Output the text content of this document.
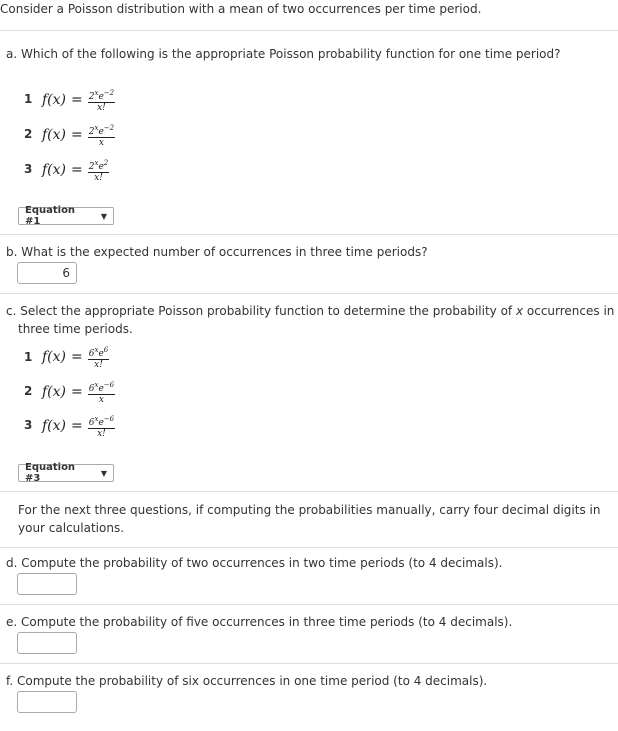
Consider a Poisson distribution with a mean of two occurrences per time period.
a. Which of the following is the appropriate Poisson probability function for one time period?
1 $f(x) = \frac{2^xe^{-2}}{x!}$
2 $f(x) = \frac{2^xe^{-2}}{x}$
3 $f(x) = \frac{2^xe^2}{x!}$
Equation #1	▼
b. What is the expected number of occurrences in three time periods?
6
c. Select the appropriate Poisson probability function to determine the probability of x occurrences in
three time periods.
1 $f(x) = \frac{6^xe^6}{x!}$
2 $f(x) = \frac{6^xe^{-6}}{x}$
3 $f(x) = \frac{6^xe^{-6}}{x!}$
Equation #3	▼
For the next three questions, if computing the probabilities manually, carry four decimal digits in your calculations.
d. Compute the probability of two occurrences in two time periods (to 4 decimals).
e. Compute the probability of five occurrences in three time periods (to 4 decimals).
f. Compute the probability of six occurrences in one time period (to 4 decimals).
